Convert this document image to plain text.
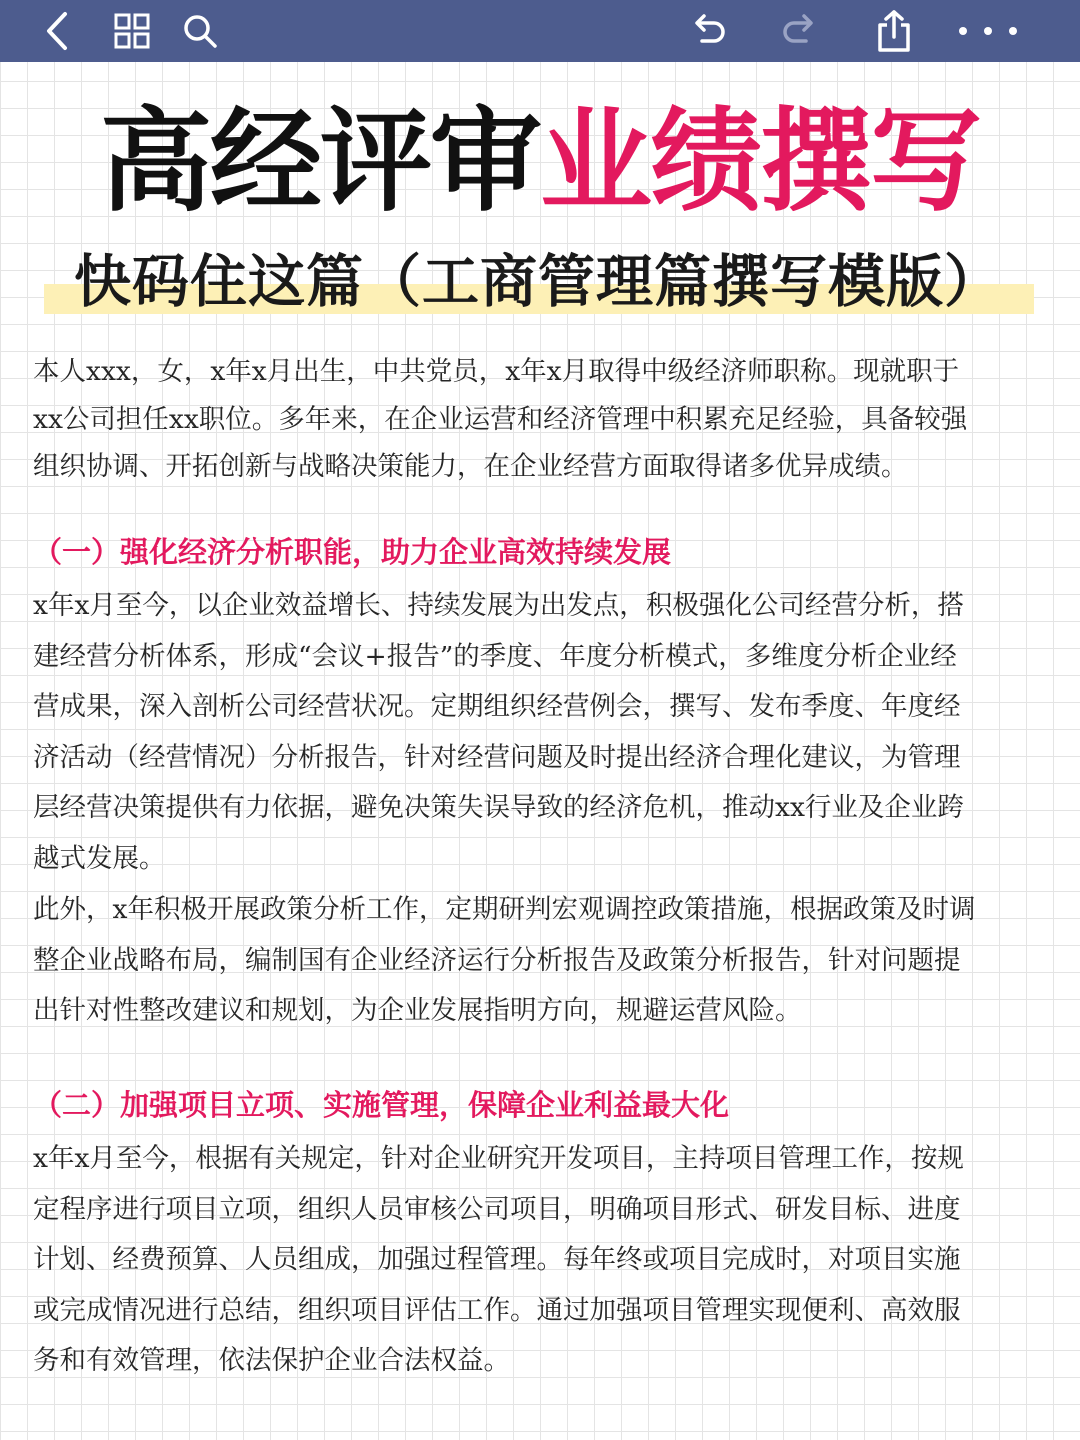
高经评审业绩撰写
快码住这篇（工商管理篇撰写模版）
本人xxx，女，x年x月出生，中共党员，x年x月取得中级经济师职称。现就职于
xx公司担任xx职位。多年来，在企业运营和经济管理中积累充足经验，具备较强
组织协调、开拓创新与战略决策能力，在企业经营方面取得诸多优异成绩。
（一）强化经济分析职能，助力企业高效持续发展
x年x月至今，以企业效益增长、持续发展为出发点，积极强化公司经营分析，搭
建经营分析体系，形成“会议+报告”的季度、年度分析模式，多维度分析企业经
营成果，深入剖析公司经营状况。定期组织经营例会，撰写、发布季度、年度经
济活动（经营情况）分析报告，针对经营问题及时提出经济合理化建议，为管理
层经营决策提供有力依据，避免决策失误导致的经济危机，推动xx行业及企业跨
越式发展。
此外，x年积极开展政策分析工作，定期研判宏观调控政策措施，根据政策及时调
整企业战略布局，编制国有企业经济运行分析报告及政策分析报告，针对问题提
出针对性整改建议和规划，为企业发展指明方向，规避运营风险。
（二）加强项目立项、实施管理，保障企业利益最大化
x年x月至今，根据有关规定，针对企业研究开发项目，主持项目管理工作，按规
定程序进行项目立项，组织人员审核公司项目，明确项目形式、研发目标、进度
计划、经费预算、人员组成，加强过程管理。每年终或项目完成时，对项目实施
或完成情况进行总结，组织项目评估工作。通过加强项目管理实现便利、高效服
务和有效管理，依法保护企业合法权益。
